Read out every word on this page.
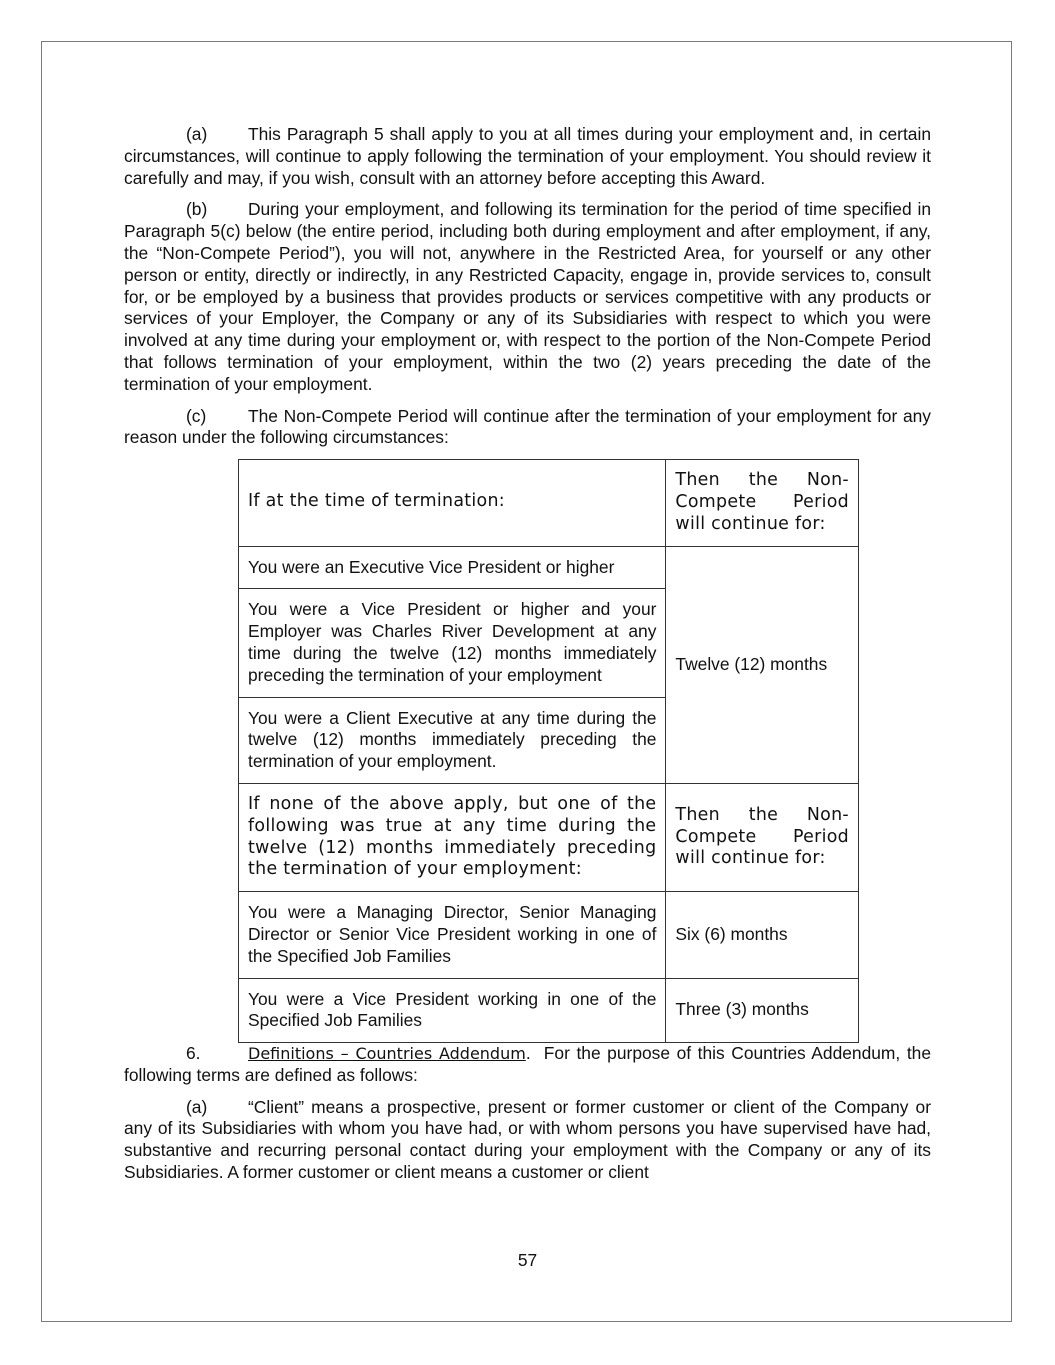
(a) This Paragraph 5 shall apply to you at all times during your employment and, in certain circumstances, will continue to apply following the termination of your employment. You should review it carefully and may, if you wish, consult with an attorney before accepting this Award.

(b) During your employment, and following its termination for the period of time specified in Paragraph 5(c) below (the entire period, including both during employment and after employment, if any, the “Non-Compete Period”), you will not, anywhere in the Restricted Area, for yourself or any other person or entity, directly or indirectly, in any Restricted Capacity, engage in, provide services to, consult for, or be employed by a business that provides products or services competitive with any products or services of your Employer, the Company or any of its Subsidiaries with respect to which you were involved at any time during your employment or, with respect to the portion of the Non-Compete Period that follows termination of your employment, within the two (2) years preceding the date of the termination of your employment.

(c) The Non-Compete Period will continue after the termination of your employment for any reason under the following circumstances:

If at the time of termination:	Then the Non-Compete Period will continue for:
You were an Executive Vice President or higher	Twelve (12) months
You were a Vice President or higher and your Employer was Charles River Development at any time during the twelve (12) months immediately preceding the termination of your employment	
You were a Client Executive at any time during the twelve (12) months immediately preceding the termination of your employment.	
If none of the above apply, but one of the following was true at any time during the twelve (12) months immediately preceding the termination of your employment:	Then the Non-Compete Period will continue for:
You were a Managing Director, Senior Managing Director or Senior Vice President working in one of the Specified Job Families	Six (6) months
You were a Vice President working in one of the Specified Job Families	Three (3) months

6.	Definitions – Countries Addendum. For the purpose of this Countries Addendum, the following terms are defined as follows:

(a) “Client” means a prospective, present or former customer or client of the Company or any of its Subsidiaries with whom you have had, or with whom persons you have supervised have had, substantive and recurring personal contact during your employment with the Company or any of its Subsidiaries. A former customer or client means a customer or client

57
